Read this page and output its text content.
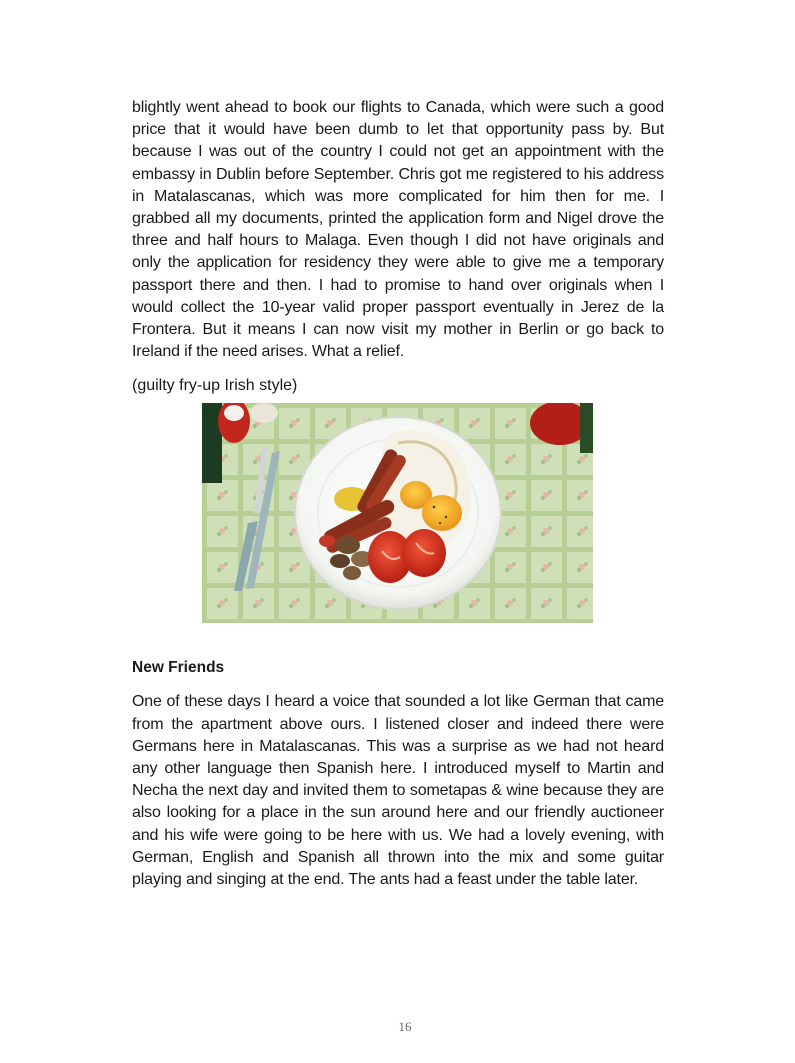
blightly went ahead to book our flights to Canada, which were such a good price that it would have been dumb to let that opportunity pass by. But because I was out of the country I could not get an appointment with the embassy in Dublin before September. Chris got me registered to his address in Matalascanas, which was more complicated for him then for me. I grabbed all my documents, printed the application form and Nigel drove the three and half hours to Malaga. Even though I did not have originals and only the application for residency they were able to give me a temporary passport there and then. I had to promise to hand over originals when I would collect the 10-year valid proper passport eventually in Jerez de la Frontera. But it means I can now visit my mother in Berlin or go back to Ireland if the need arises. What a relief.

(guilty fry-up Irish style)

New Friends

One of these days I heard a voice that sounded a lot like German that came from the apartment above ours. I listened closer and indeed there were Germans here in Matalascanas. This was a surprise as we had not heard any other language then Spanish here. I introduced myself to Martin and Necha the next day and invited them to sometapas & wine because they are also looking for a place in the sun around here and our friendly auctioneer and his wife were going to be here with us. We had a lovely evening, with German, English and Spanish all thrown into the mix and some guitar playing and singing at the end. The ants had a feast under the table later.

16
